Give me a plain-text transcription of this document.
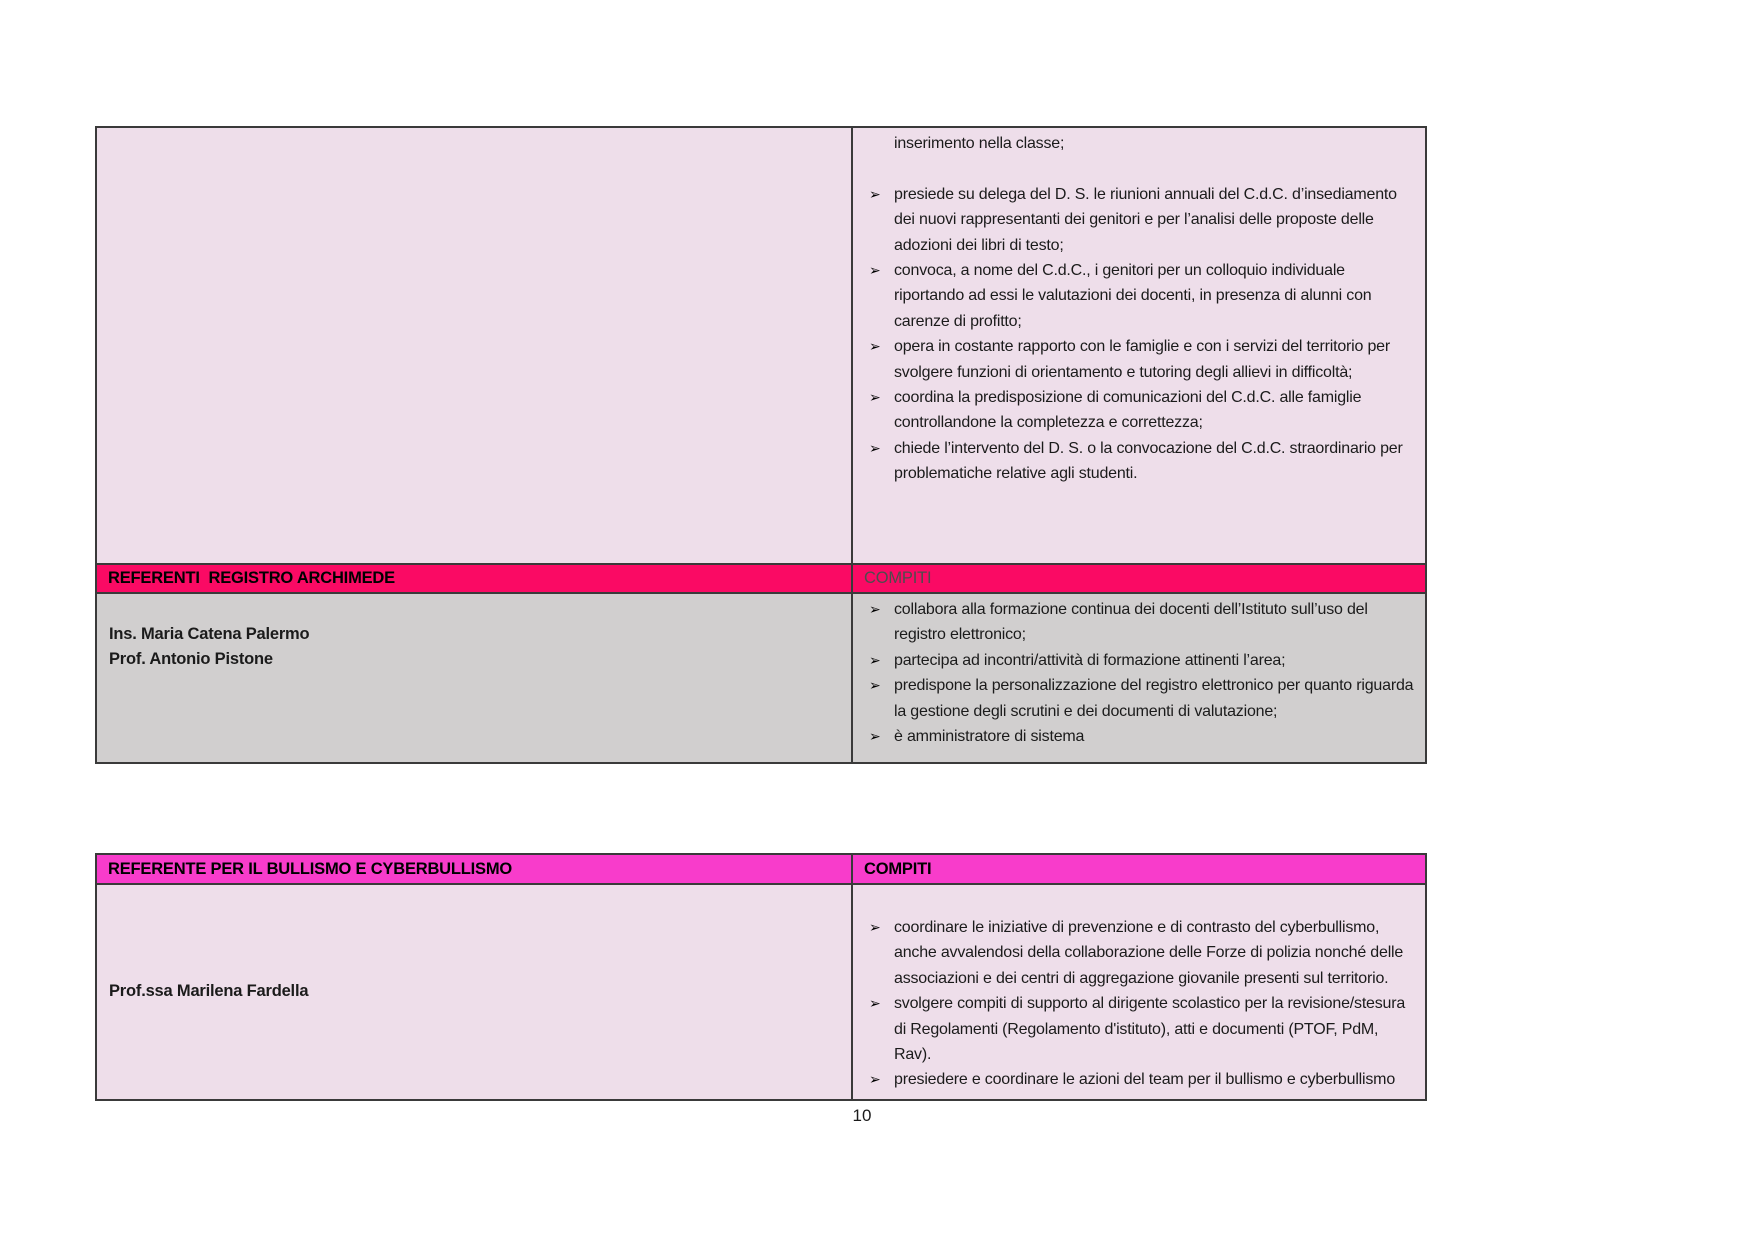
inserimento nella classe;
➢ presiede su delega del D. S. le riunioni annuali del C.d.C. d’insediamento dei nuovi rappresentanti dei genitori e per l’analisi delle proposte delle adozioni dei libri di testo;
➢ convoca, a nome del C.d.C., i genitori per un colloquio individuale riportando ad essi le valutazioni dei docenti, in presenza di alunni con carenze di profitto;
➢ opera in costante rapporto con le famiglie e con i servizi del territorio per svolgere funzioni di orientamento e tutoring degli allievi in difficoltà;
➢ coordina la predisposizione di comunicazioni del C.d.C. alle famiglie controllandone la completezza e correttezza;
➢ chiede l’intervento del D. S. o la convocazione del C.d.C. straordinario per problematiche relative agli studenti.
REFERENTI  REGISTRO ARCHIMEDE	COMPITI
Ins. Maria Catena Palermo
Prof. Antonio Pistone
➢ collabora alla formazione continua dei docenti dell’Istituto sull’uso del registro elettronico;
➢ partecipa ad incontri/attività di formazione attinenti l’area;
➢ predispone la personalizzazione del registro elettronico per quanto riguarda la gestione degli scrutini e dei documenti di valutazione;
➢ è amministratore di sistema
REFERENTE PER IL BULLISMO E CYBERBULLISMO	COMPITI
Prof.ssa Marilena Fardella
➢ coordinare le iniziative di prevenzione e di contrasto del cyberbullismo, anche avvalendosi della collaborazione delle Forze di polizia nonché delle associazioni e dei centri di aggregazione giovanile presenti sul territorio.
➢ svolgere compiti di supporto al dirigente scolastico per la revisione/stesura di Regolamenti (Regolamento d'istituto), atti e documenti (PTOF, PdM, Rav).
➢ presiedere e coordinare le azioni del team per il bullismo e cyberbullismo
10
